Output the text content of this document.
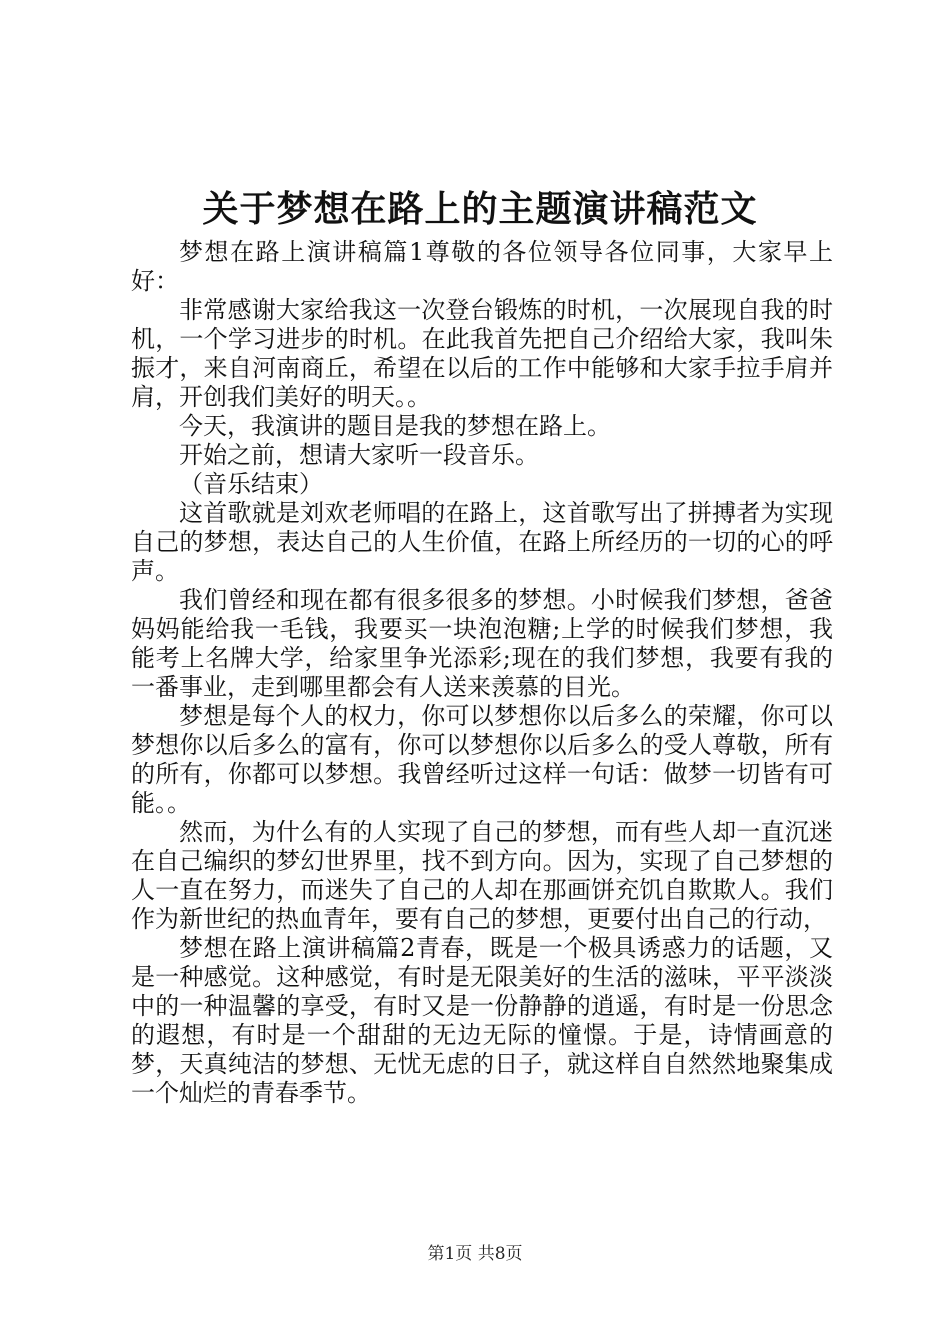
关于梦想在路上的主题演讲稿范文

梦想在路上演讲稿篇1尊敬的各位领导各位同事，大家早上好：

非常感谢大家给我这一次登台锻炼的时机，一次展现自我的时机，一个学习进步的时机。在此我首先把自己介绍给大家，我叫朱振才，来自河南商丘，希望在以后的工作中能够和大家手拉手肩并肩，开创我们美好的明天。。

今天，我演讲的题目是我的梦想在路上。

开始之前，想请大家听一段音乐。

（音乐结束）

这首歌就是刘欢老师唱的在路上，这首歌写出了拼搏者为实现自己的梦想，表达自己的人生价值，在路上所经历的一切的心的呼声。

我们曾经和现在都有很多很多的梦想。小时候我们梦想，爸爸妈妈能给我一毛钱，我要买一块泡泡糖;上学的时候我们梦想，我能考上名牌大学，给家里争光添彩;现在的我们梦想，我要有我的一番事业，走到哪里都会有人送来羡慕的目光。

梦想是每个人的权力，你可以梦想你以后多么的荣耀，你可以梦想你以后多么的富有，你可以梦想你以后多么的受人尊敬，所有的所有，你都可以梦想。我曾经听过这样一句话：做梦一切皆有可能。。

然而，为什么有的人实现了自己的梦想，而有些人却一直沉迷在自己编织的梦幻世界里，找不到方向。因为，实现了自己梦想的人一直在努力，而迷失了自己的人却在那画饼充饥自欺欺人。我们作为新世纪的热血青年，要有自己的梦想，更要付出自己的行动，

梦想在路上演讲稿篇2青春，既是一个极具诱惑力的话题，又是一种感觉。这种感觉，有时是无限美好的生活的滋味，平平淡淡中的一种温馨的享受，有时又是一份静静的逍遥，有时是一份思念的遐想，有时是一个甜甜的无边无际的憧憬。于是，诗情画意的梦，天真纯洁的梦想、无忧无虑的日子，就这样自自然然地聚集成一个灿烂的青春季节。

第1页 共8页
